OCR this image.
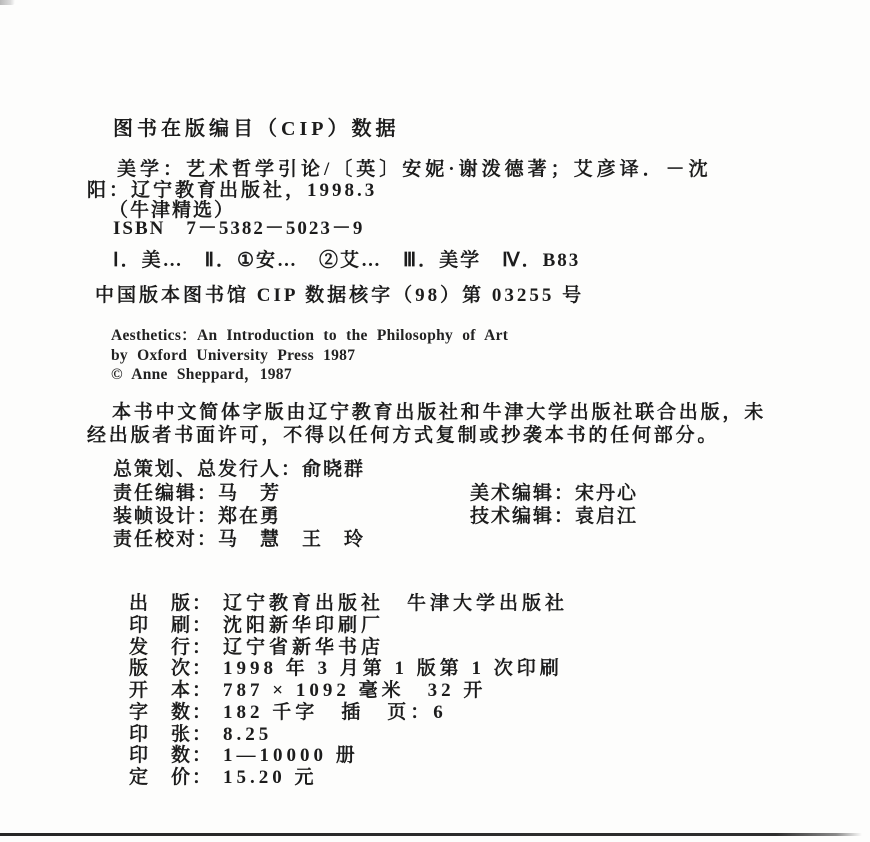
图书在版编目（CIP）数据
美学：艺术哲学引论/〔英〕安妮·谢泼德著；艾彦译．－沈
阳：辽宁教育出版社，1998.3
（牛津精选）
ISBN　7－5382－5023－9
Ⅰ．美…　Ⅱ．①安…　②艾…　Ⅲ．美学　Ⅳ．B83
中国版本图书馆 CIP 数据核字（98）第 03255 号
Aesthetics：An Introduction to the Philosophy of Art
by Oxford University Press 1987
© Anne Sheppard，1987
本书中文简体字版由辽宁教育出版社和牛津大学出版社联合出版，未
经出版者书面许可，不得以任何方式复制或抄袭本书的任何部分。
总策划、总发行人：俞晓群
责任编辑：马　芳	美术编辑：宋丹心
装帧设计：郑在勇	技术编辑：袁启江
责任校对：马　慧　王　玲

出　版： 辽宁教育出版社　牛津大学出版社

印　刷： 沈阳新华印刷厂

发　行： 辽宁省新华书店

版　次： 1998 年 3 月第 1 版第 1 次印刷

开　本： 787 × 1092 毫米　32 开

字　数： 182 千字　插　页：6

印　张： 8.25

印　数： 1—10000 册

定　价： 15.20 元
